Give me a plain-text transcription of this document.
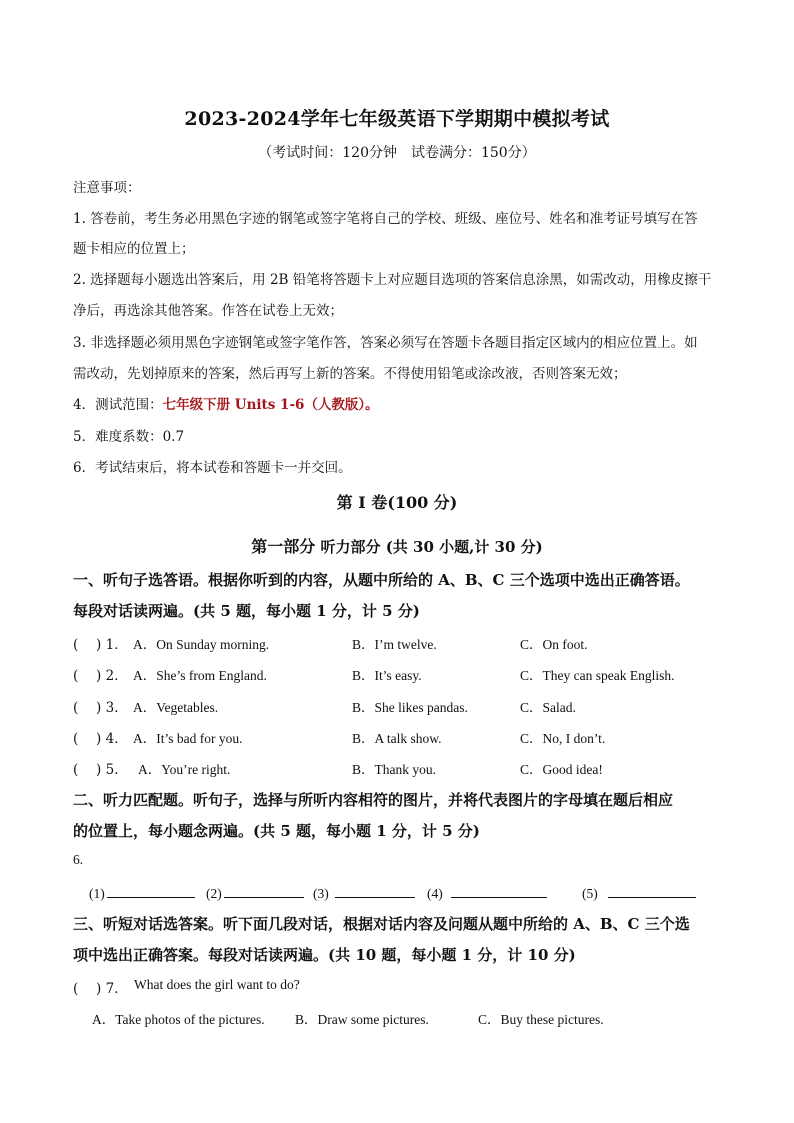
2023-2024学年七年级英语下学期期中模拟考试
（考试时间：120分钟　试卷满分：150分）
注意事项：
1. 答卷前，考生务必用黑色字迹的钢笔或签字笔将自己的学校、班级、座位号、姓名和准考证号填写在答
题卡相应的位置上；
2. 选择题每小题选出答案后，用 2B 铅笔将答题卡上对应题目选项的答案信息涂黑，如需改动，用橡皮擦干
净后，再选涂其他答案。作答在试卷上无效；
3. 非选择题必须用黑色字迹钢笔或签字笔作答，答案必须写在答题卡各题目指定区域内的相应位置上。如
需改动，先划掉原来的答案，然后再写上新的答案。不得使用铅笔或涂改液，否则答案无效；
4．测试范围：七年级下册 Units 1-6（人教版）。
5．难度系数：0.7
6．考试结束后，将本试卷和答题卡一并交回。
第 I 卷(100 分)
第一部分 听力部分 (共 30 小题,计 30 分)
一、听句子选答语。根据你听到的内容，从题中所给的 A、B、C 三个选项中选出正确答语。
每段对话读两遍。(共 5 题，每小题 1 分，计 5 分)
(　 ) 1． A．On Sunday morning.	B．I’m twelve.	C．On foot.
(　 ) 2． A．She’s from England.	B．It’s easy.	C．They can speak English.
(　 ) 3． A．Vegetables.	B．She likes pandas.	C．Salad.
(　 ) 4． A．It’s bad for you.	B．A talk show.	C．No, I don’t.
(　 ) 5. A．You’re right.	B．Thank you.	C．Good idea!
二、听力匹配题。听句子，选择与所听内容相符的图片，并将代表图片的字母填在题后相应
的位置上，每小题念两遍。(共 5 题，每小题 1 分，计 5 分)
6.
(1)	(2)	(3)	(4)	(5)
三、听短对话选答案。听下面几段对话，根据对话内容及问题从题中所给的 A、B、C 三个选
项中选出正确答案。每段对话读两遍。(共 10 题，每小题 1 分，计 10 分)
(　 ) 7． What does the girl want to do?
A．Take photos of the pictures. B．Draw some pictures.	C．Buy these pictures.
